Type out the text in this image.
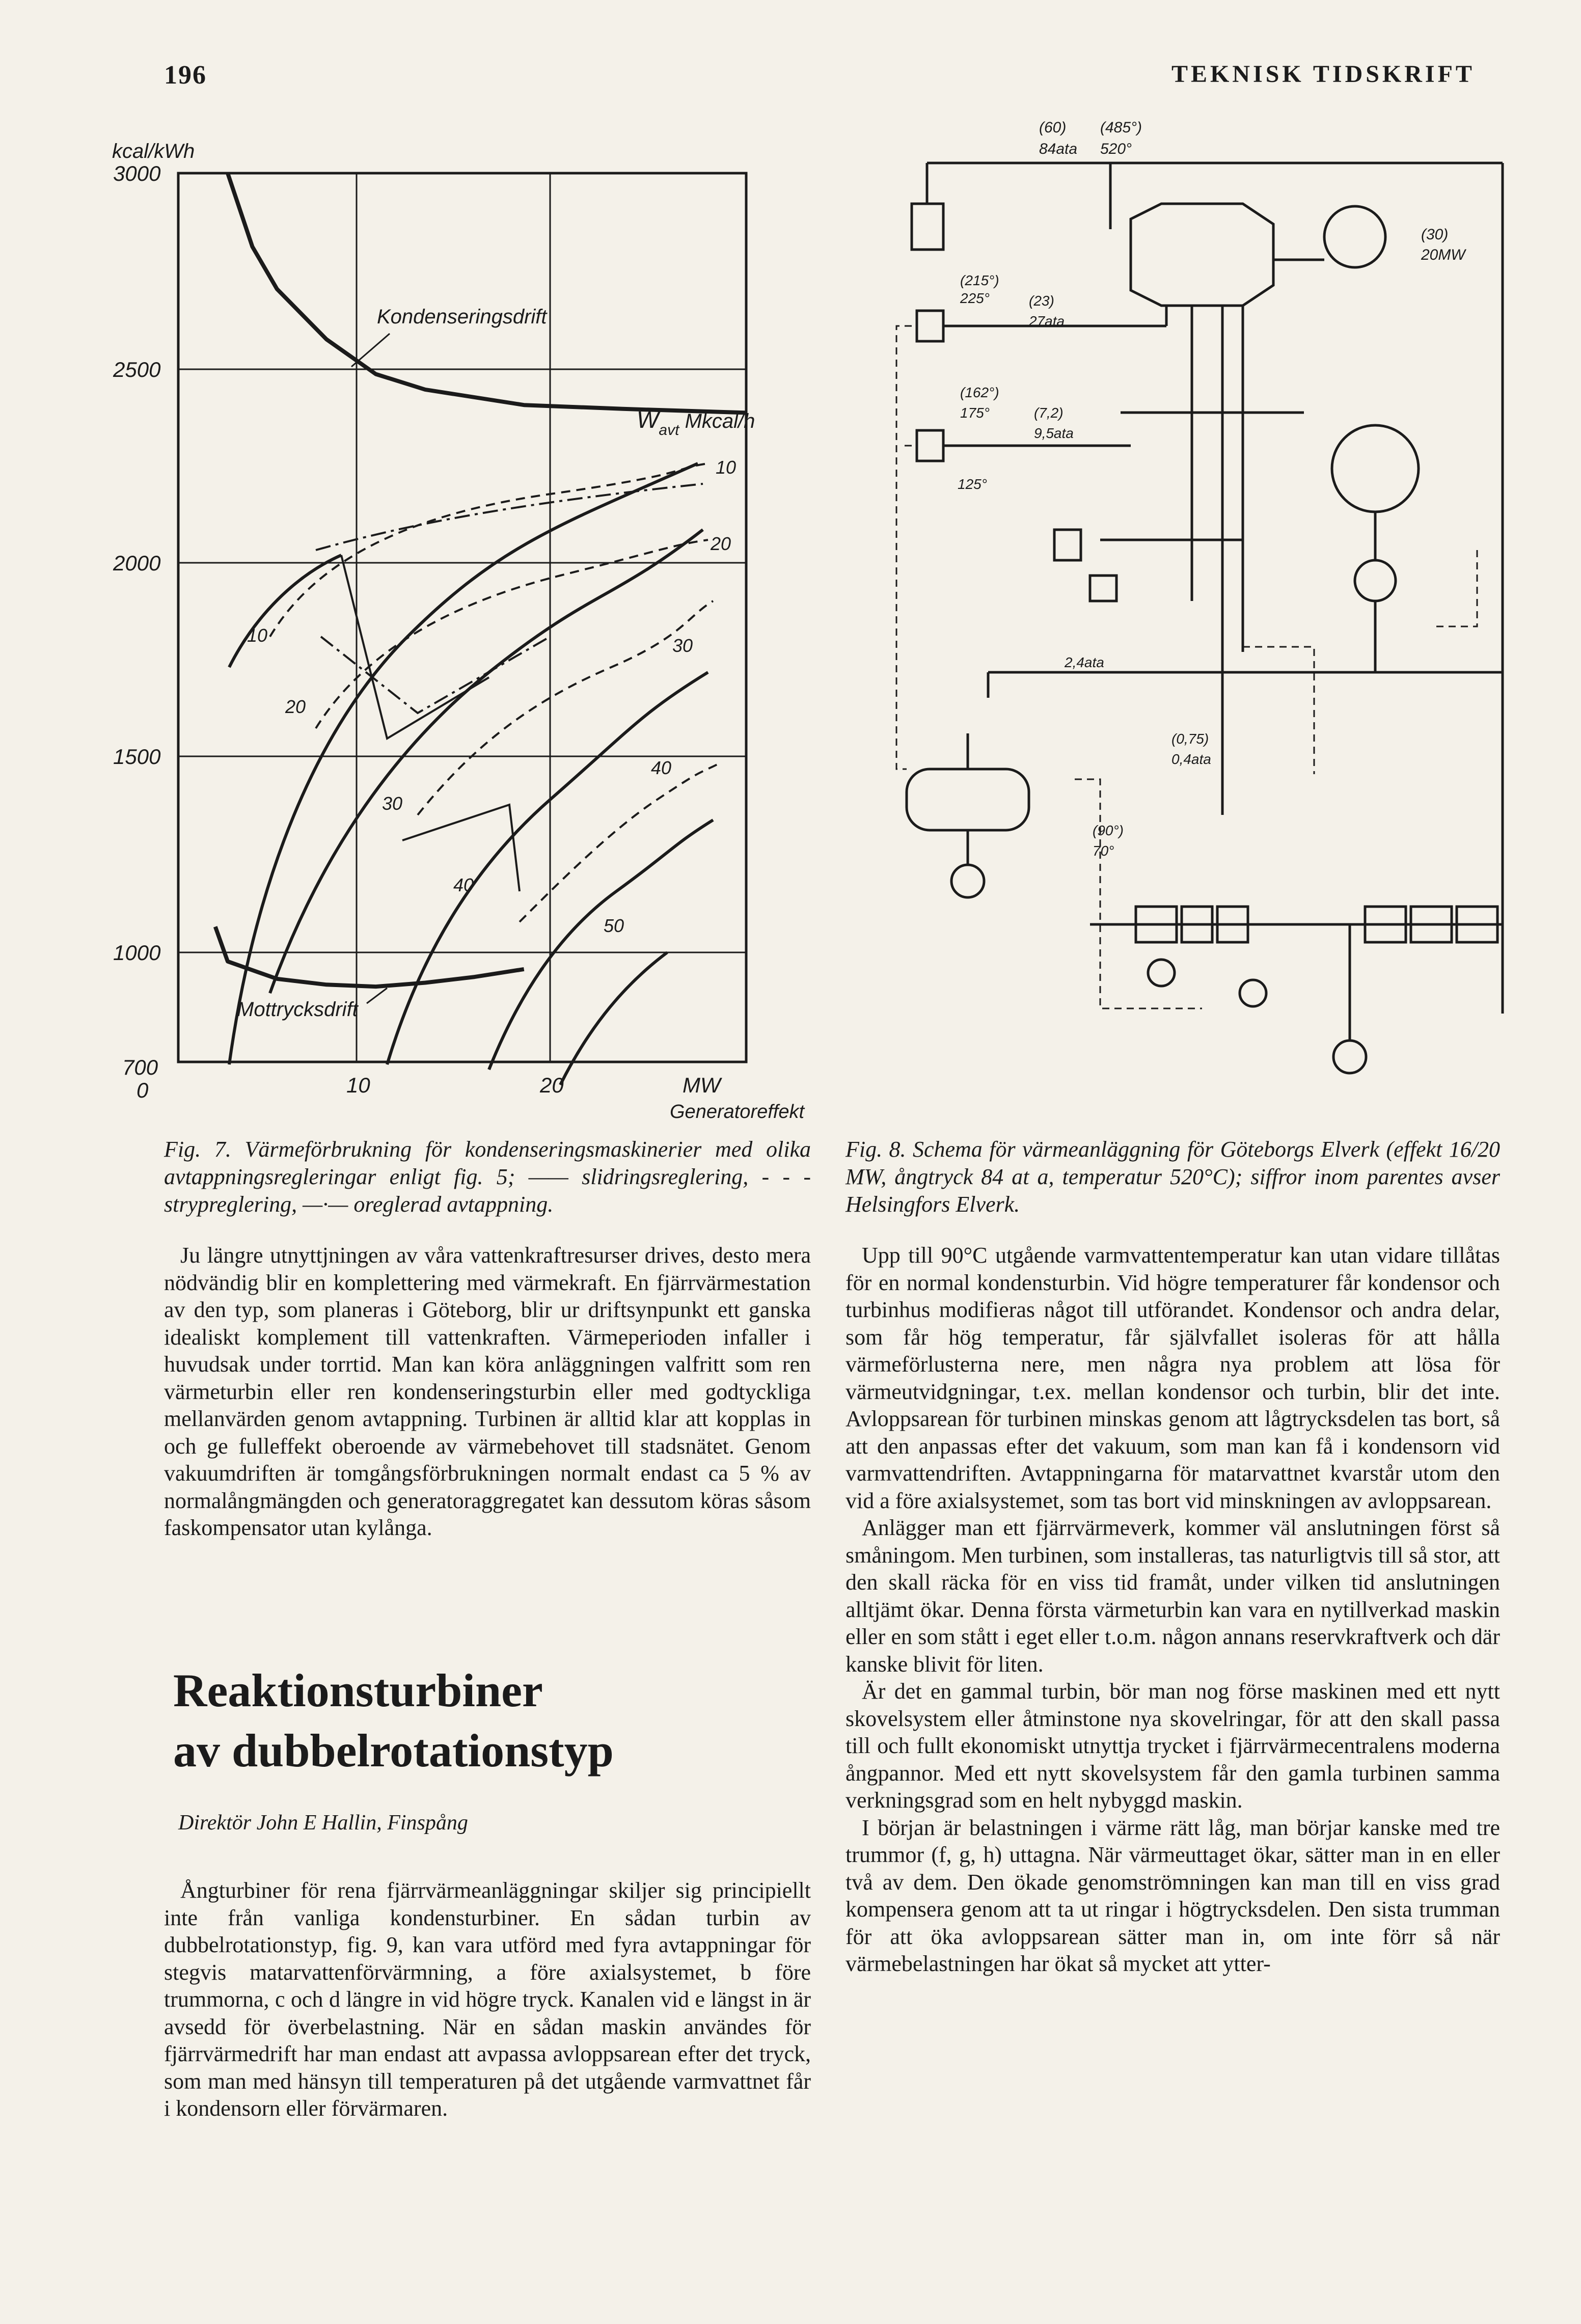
196	TEKNISK TIDSKRIFT
kcal/kWh
3000
2500
2000
1500
1000
700
0	10	20	MW
Generatoreffekt
Kondenseringsdrift
Mottrycksdrift
$W_{avt}$ Mkcal/h
10
20
30
40
10
20
30
40
50
Fig. 7. Värmeförbrukning för kondenseringsmaskinerier med olika avtappningsregleringar enligt fig. 5; —— slidringsreglering, - - - strypreglering, —·— oreglerad avtappning.
(60) (485°)
84ata 520°
(30)
20MW
(215°)
225°	(23)
27ata
(162°)
175°	(7,2)
9,5ata
125°
2,4ata
(0,75)
0,4ata
(90°)
70°
Fig. 8. Schema för värmeanläggning för Göteborgs Elverk (effekt 16/20 MW, ångtryck 84 at a, temperatur 520°C); siffror inom parentes avser Helsingfors Elverk.

Ju längre utnyttjningen av våra vattenkraftresurser drives, desto mera nödvändig blir en komplettering med värmekraft. En fjärrvärmestation av den typ, som planeras i Göteborg, blir ur driftsynpunkt ett ganska idealiskt komplement till vattenkraften. Värmeperioden infaller i huvudsak under torrtid. Man kan köra anläggningen valfritt som ren värmeturbin eller ren kondenseringsturbin eller med godtyckliga mellanvärden genom avtappning. Turbinen är alltid klar att kopplas in och ge fulleffekt oberoende av värmebehovet till stadsnätet. Genom vakuumdriften är tomgångsförbrukningen normalt endast ca 5 % av normalångmängden och generatoraggregatet kan dessutom köras såsom faskompensator utan kylånga.

Reaktionsturbiner
av dubbelrotationstyp
Direktör John E Hallin, Finspång

Ångturbiner för rena fjärrvärmeanläggningar skiljer sig principiellt inte från vanliga kondensturbiner. En sådan turbin av dubbelrotationstyp, fig. 9, kan vara utförd med fyra avtappningar för stegvis matarvattenförvärmning, a före axialsystemet, b före trummorna, c och d längre in vid högre tryck. Kanalen vid e längst in är avsedd för överbelastning. När en sådan maskin användes för fjärrvärmedrift har man endast att avpassa avloppsarean efter det tryck, som man med hänsyn till temperaturen på det utgående varmvattnet får i kondensorn eller förvärmaren.

Upp till 90°C utgående varmvattentemperatur kan utan vidare tillåtas för en normal kondensturbin. Vid högre temperaturer får kondensor och turbinhus modifieras något till utförandet. Kondensor och andra delar, som får hög temperatur, får självfallet isoleras för att hålla värmeförlusterna nere, men några nya problem att lösa för värmeutvidgningar, t.ex. mellan kondensor och turbin, blir det inte. Avloppsarean för turbinen minskas genom att lågtrycksdelen tas bort, så att den anpassas efter det vakuum, som man kan få i kondensorn vid varmvattendriften. Avtappningarna för matarvattnet kvarstår utom den vid a före axialsystemet, som tas bort vid minskningen av avloppsarean.

Anlägger man ett fjärrvärmeverk, kommer väl anslutningen först så småningom. Men turbinen, som installeras, tas naturligtvis till så stor, att den skall räcka för en viss tid framåt, under vilken tid anslutningen alltjämt ökar. Denna första värmeturbin kan vara en nytillverkad maskin eller en som stått i eget eller t.o.m. någon annans reservkraftverk och där kanske blivit för liten.

Är det en gammal turbin, bör man nog förse maskinen med ett nytt skovelsystem eller åtminstone nya skovelringar, för att den skall passa till och fullt ekonomiskt utnyttja trycket i fjärrvärmecentralens moderna ångpannor. Med ett nytt skovelsystem får den gamla turbinen samma verkningsgrad som en helt nybyggd maskin.

I början är belastningen i värme rätt låg, man börjar kanske med tre trummor (f, g, h) uttagna. När värmeuttaget ökar, sätter man in en eller två av dem. Den ökade genomströmningen kan man till en viss grad kompensera genom att ta ut ringar i högtrycksdelen. Den sista trumman för att öka avloppsarean sätter man in, om inte förr så när värmebelastningen har ökat så mycket att ytter-
